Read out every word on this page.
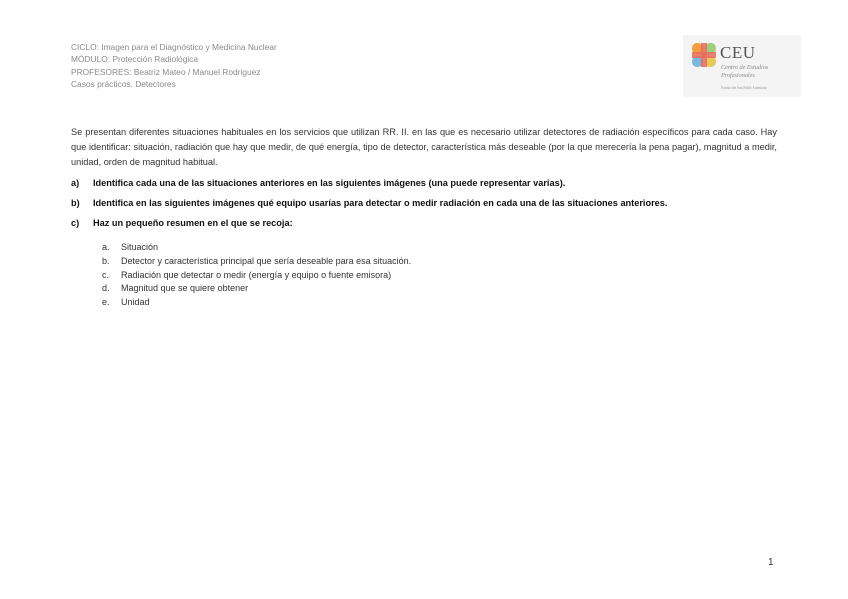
CICLO: Imagen para el Diagnóstico y Medicina Nuclear
MÓDULO: Protección Radiológica
PROFESORES: Beatriz Mateo / Manuel Rodriguez
Casos prácticos. Detectores
CEU
Centro de Estudios
Profesionales
Fundación San Pablo Andalucía

Se presentan diferentes situaciones habituales en los servicios que utilizan RR. II. en las que es necesario utilizar detectores de radiación específicos para cada caso. Hay que identificar: situación, radiación que hay que medir, de qué energía, tipo de detector, característica más deseable (por la que merecería la pena pagar), magnitud a medir, unidad, orden de magnitud habitual.

a)	Identifica cada una de las situaciones anteriores en las siguientes imágenes (una puede representar varias).
b)	Identifica en las siguientes imágenes qué equipo usarías para detectar o medir radiación en cada una de las situaciones anteriores.
c)	Haz un pequeño resumen en el que se recoja:
a.	Situación
b.	Detector y característica principal que sería deseable para esa situación.
c.	Radiación que detectar o medir (energía y equipo o fuente emisora)
d.	Magnitud que se quiere obtener
e.	Unidad
1
